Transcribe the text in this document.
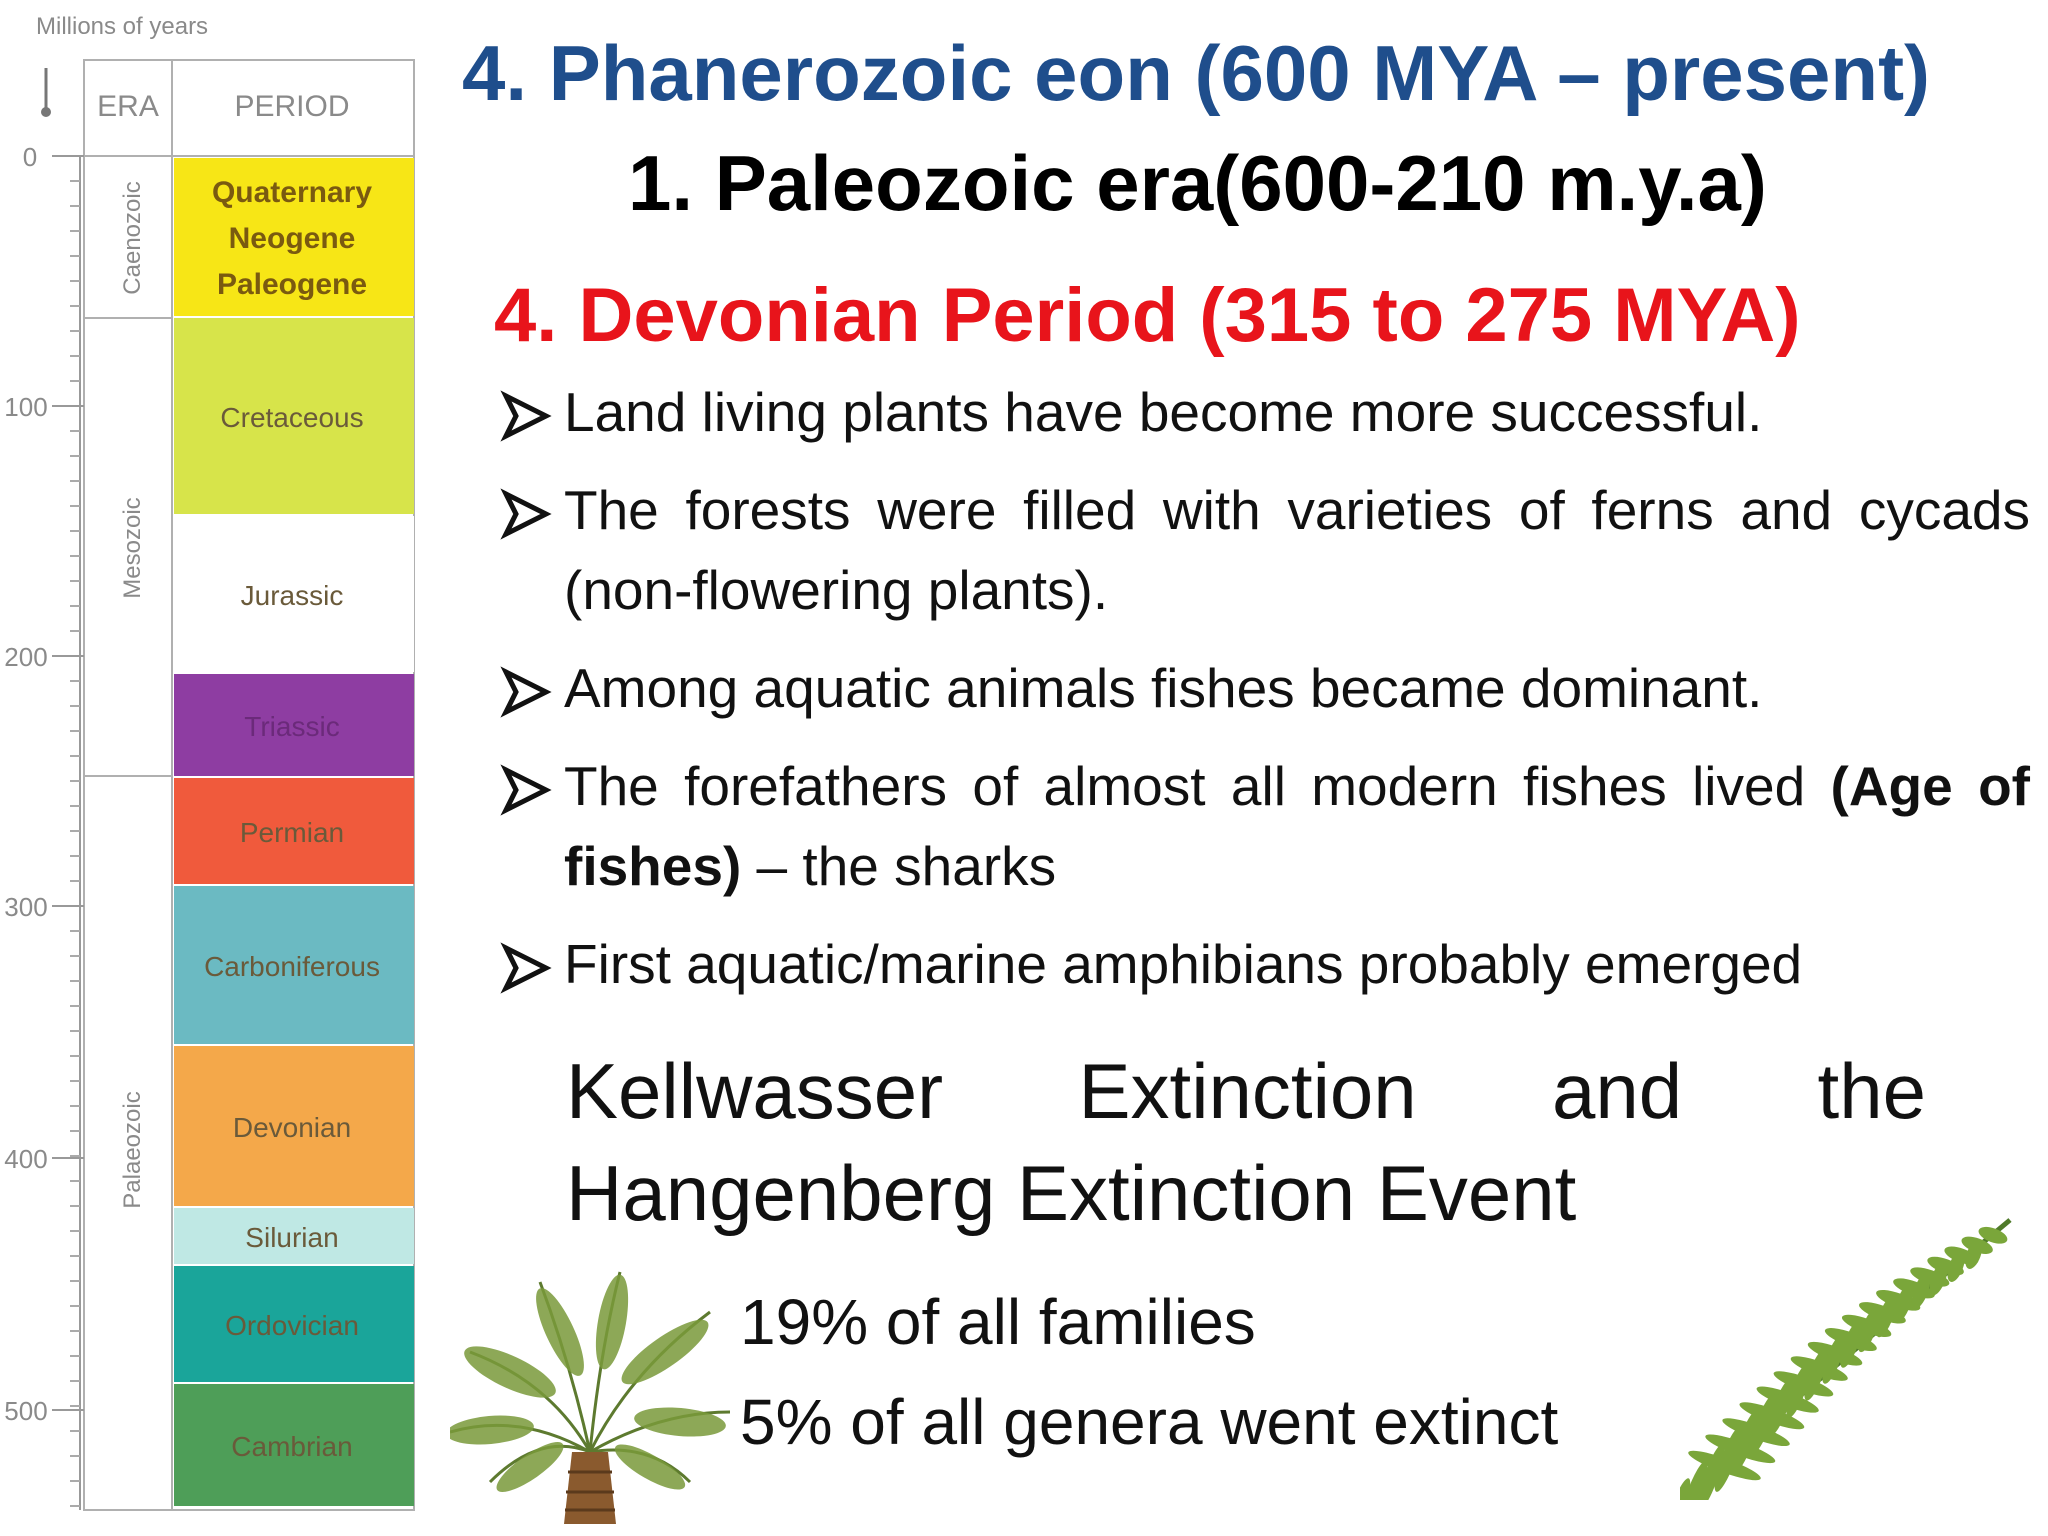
Millions of years
ERA	PERIOD
0
100
200
300
400
500
Caenozoic
Mesozoic
Palaeozoic
Quaternary
Neogene
Paleogene
Cretaceous
Jurassic
Triassic
Permian
Carboniferous
Devonian
Silurian
Ordovician
Cambrian
4. Phanerozoic eon (600 MYA – present)
1. Paleozoic era(600-210 m.y.a)
4. Devonian Period (315 to 275 MYA)
Land living plants have become more successful.
The forests were filled with varieties of ferns and cycads (non-flowering plants).
Among aquatic animals fishes became dominant.
The forefathers of almost all modern fishes lived (Age of fishes) – the sharks
First aquatic/marine amphibians probably emerged
Kellwasser Extinction and the
Hangenberg Extinction Event
19% of all families
5% of all genera went extinct
